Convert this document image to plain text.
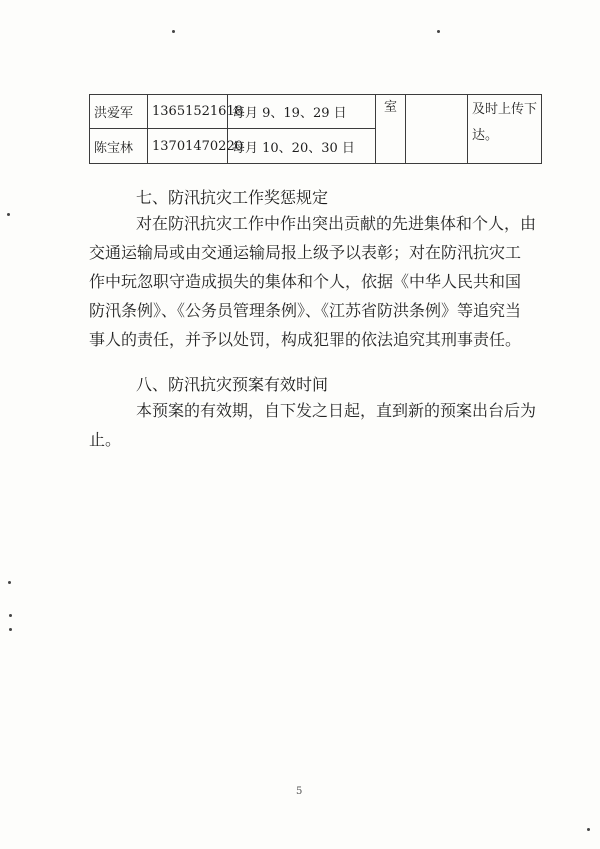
洪爱军	13651521618	每月 9、19、29 日	室		及时上传下达。
陈宝林	13701470220	每月 10、20、30 日			
七、防汛抗灾工作奖惩规定
对在防汛抗灾工作中作出突出贡献的先进集体和个人，由
交通运输局或由交通运输局报上级予以表彰；对在防汛抗灾工
作中玩忽职守造成损失的集体和个人，依据《中华人民共和国
防汛条例》、《公务员管理条例》、《江苏省防洪条例》等追究当
事人的责任，并予以处罚，构成犯罪的依法追究其刑事责任。
八、防汛抗灾预案有效时间
本预案的有效期，自下发之日起，直到新的预案出台后为
止。
5
